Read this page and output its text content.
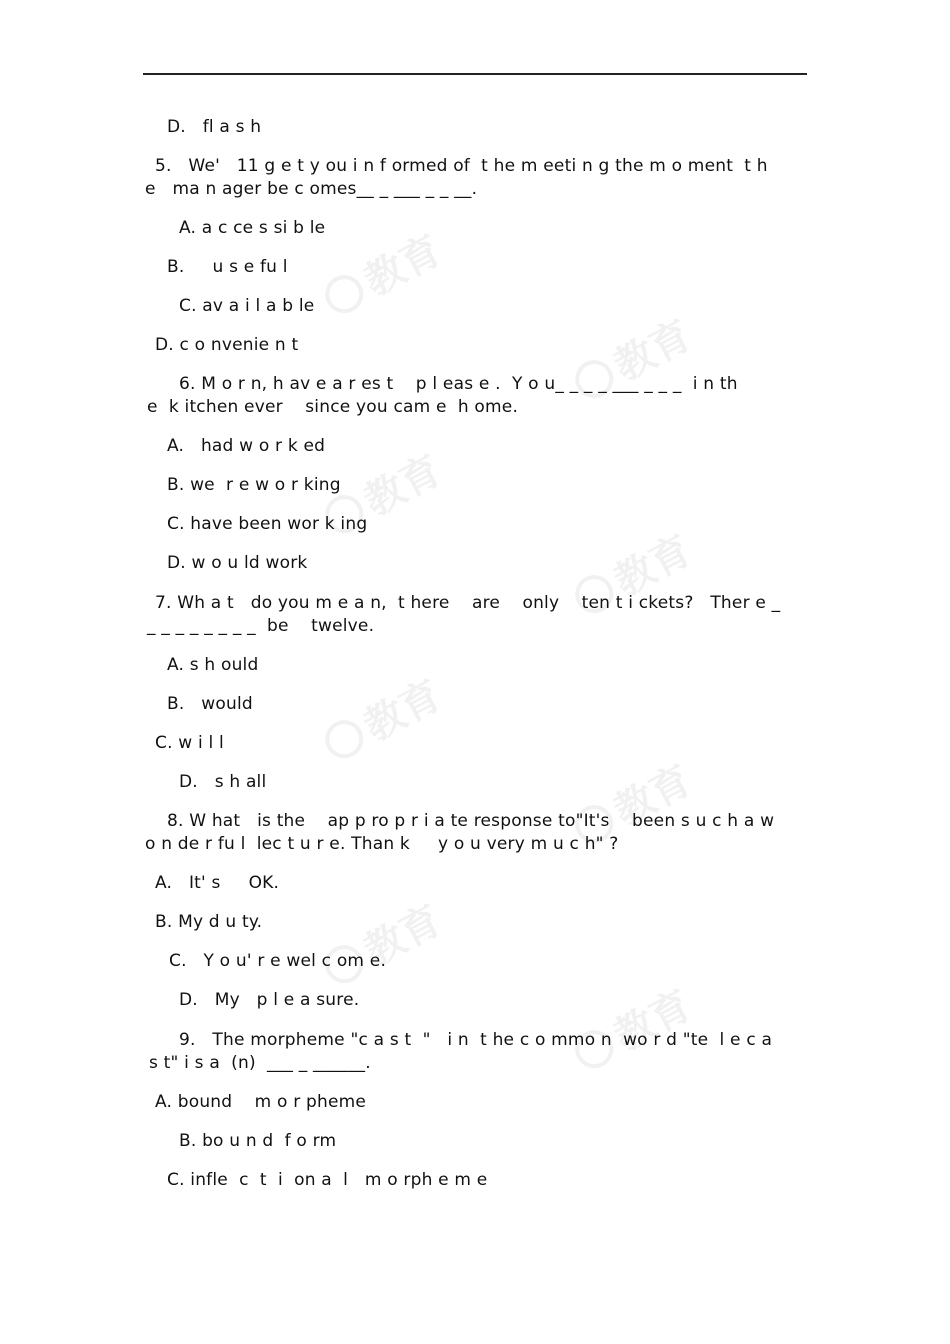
教育
教育
教育
教育
教育
教育
教育
教育
D.   fl a s h
5.   We'   11 g e t y ou i n f ormed of  t he m eeti n g the m o ment  t h
e   ma n ager be c omes__ _ ___ _ _ __.
A. a c ce s si b le
B.     u s e fu l
C. av a i l a b le
D. c o nvenie n t
6. M o r n, h av e a r es t    p l eas e .  Y o u_ _ _ _ ___ _ _ _  i n th
e  k itchen ever    since you cam e  h ome.
A.   had w o r k ed
B. we  r e w o r king
C. have been wor k ing
D. w o u ld work
7. Wh a t   do you m e a n,  t here    are    only    ten t i ckets?   Ther e _
_ _ _ _ _ _ _ _  be    twelve.
A. s h ould
B.   would
C. w i l l
D.   s h all
8. W hat   is the    ap p ro p r i a te response to"It's    been s u c h a w
o n de r fu l  lec t u r e. Than k     y o u very m u c h" ?
A.   It' s     OK.
B. My d u ty.
C.   Y o u' r e wel c om e.
D.   My   p l e a sure.
9.   The morpheme "c a s t  "   i n  t he c o mmo n  wo r d "te  l e c a
s t" i s a  (n)  ___ _ ______.
A. bound    m o r pheme
B. bo u n d  f o rm
C. infle  c  t  i  on a  l   m o rph e m e
